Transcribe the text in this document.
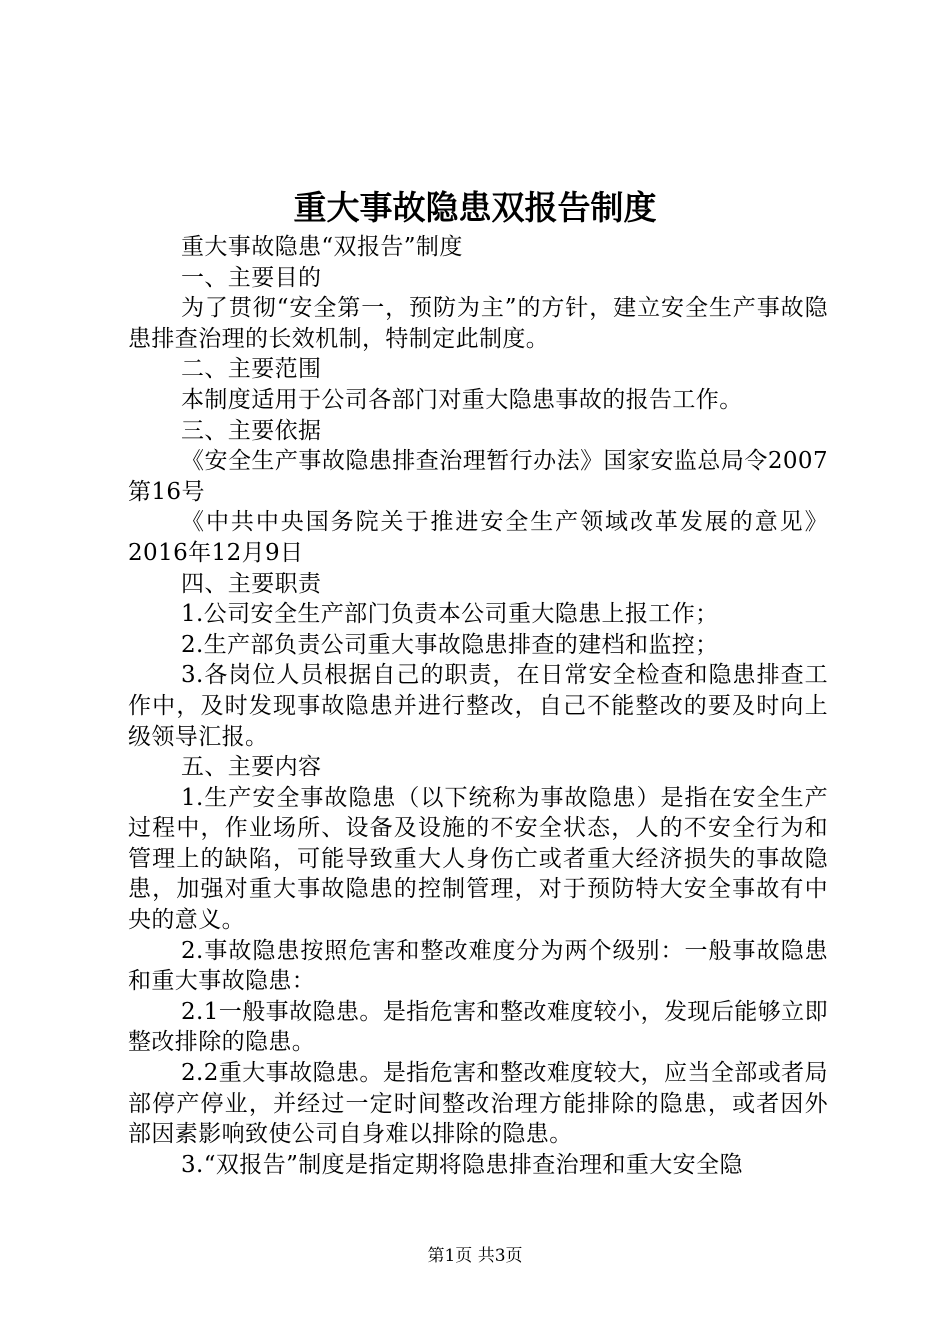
重大事故隐患双报告制度

重大事故隐患“双报告”制度

一、主要目的

为了贯彻“安全第一，预防为主”的方针，建立安全生产事故隐患排查治理的长效机制，特制定此制度。

二、主要范围

本制度适用于公司各部门对重大隐患事故的报告工作。

三、主要依据

《安全生产事故隐患排查治理暂行办法》国家安监总局令2007第16号

《中共中央国务院关于推进安全生产领域改革发展的意见》2016年12月9日

四、主要职责

1.公司安全生产部门负责本公司重大隐患上报工作；

2.生产部负责公司重大事故隐患排查的建档和监控；

3.各岗位人员根据自己的职责，在日常安全检查和隐患排查工作中，及时发现事故隐患并进行整改，自己不能整改的要及时向上级领导汇报。

五、主要内容

1.生产安全事故隐患（以下统称为事故隐患）是指在安全生产过程中，作业场所、设备及设施的不安全状态，人的不安全行为和管理上的缺陷，可能导致重大人身伤亡或者重大经济损失的事故隐患，加强对重大事故隐患的控制管理，对于预防特大安全事故有中央的意义。

2.事故隐患按照危害和整改难度分为两个级别：一般事故隐患和重大事故隐患：

2.1一般事故隐患。是指危害和整改难度较小，发现后能够立即整改排除的隐患。

2.2重大事故隐患。是指危害和整改难度较大，应当全部或者局部停产停业，并经过一定时间整改治理方能排除的隐患，或者因外部因素影响致使公司自身难以排除的隐患。

3.“双报告”制度是指定期将隐患排查治理和重大安全隐

第1页 共3页
